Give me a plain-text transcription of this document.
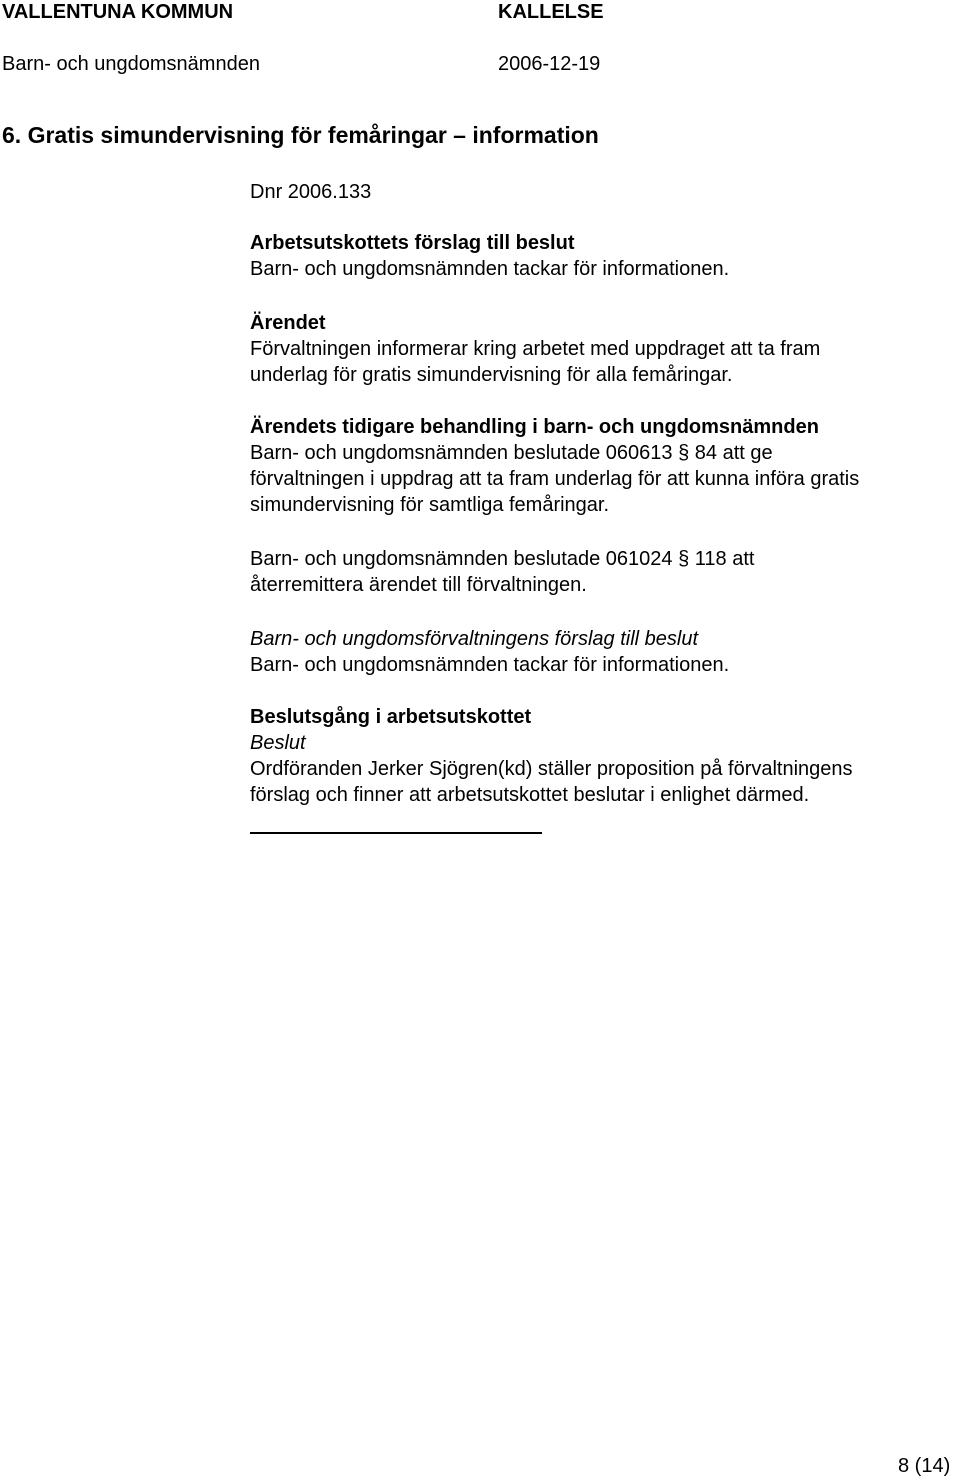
VALLENTUNA KOMMUN	KALLELSE
Barn- och ungdomsnämnden	2006-12-19
6. Gratis simundervisning för femåringar – information
Dnr 2006.133
Arbetsutskottets förslag till beslut
Barn- och ungdomsnämnden tackar för informationen.
Ärendet
Förvaltningen informerar kring arbetet med uppdraget att ta fram
underlag för gratis simundervisning för alla femåringar.
Ärendets tidigare behandling i barn- och ungdomsnämnden
Barn- och ungdomsnämnden beslutade 060613 § 84 att ge
förvaltningen i uppdrag att ta fram underlag för att kunna införa gratis
simundervisning för samtliga femåringar.
Barn- och ungdomsnämnden beslutade 061024 § 118 att
återremittera ärendet till förvaltningen.
Barn- och ungdomsförvaltningens förslag till beslut
Barn- och ungdomsnämnden tackar för informationen.
Beslutsgång i arbetsutskottet
Beslut
Ordföranden Jerker Sjögren(kd) ställer proposition på förvaltningens
förslag och finner att arbetsutskottet beslutar i enlighet därmed.
8 (14)
